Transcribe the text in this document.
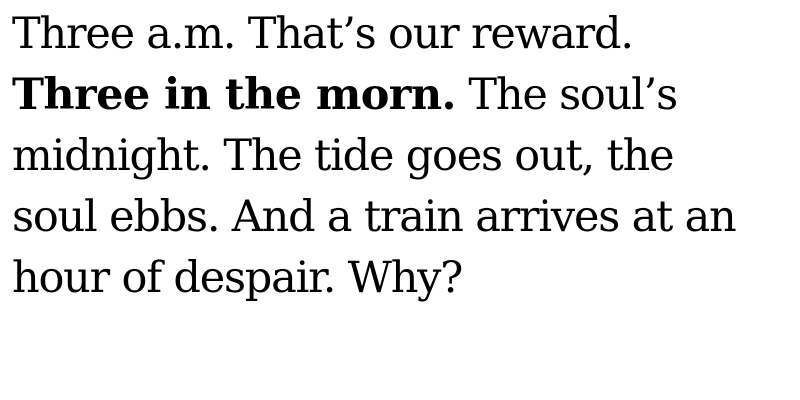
Three a.m. That’s our reward.
Three in the morn. The soul’s
midnight. The tide goes out, the
soul ebbs. And a train arrives at an
hour of despair. Why?
